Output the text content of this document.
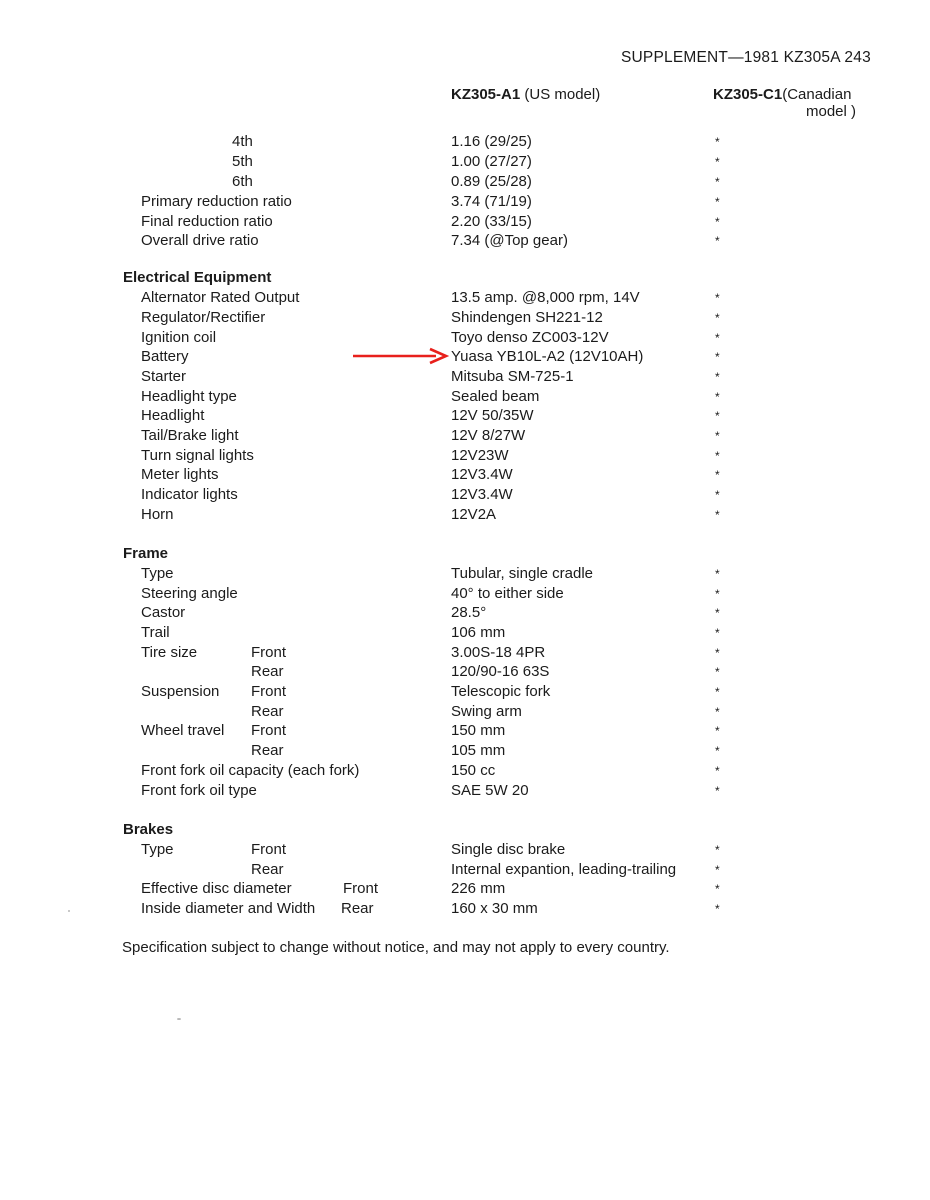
SUPPLEMENT—1981 KZ305A 243
KZ305-A1 (US model)	KZ305-C1(Canadian
model )
4th	1.16 (29/25)	*
5th	1.00 (27/27)	*
6th	0.89 (25/28)	*
Primary reduction ratio	3.74 (71/19)	*
Final reduction ratio	2.20 (33/15)	*
Overall drive ratio	7.34 (@Top gear)	*
Electrical Equipment
Alternator Rated Output	13.5 amp. @8,000 rpm, 14V	*
Regulator/Rectifier	Shindengen SH221-12	*
Ignition coil	Toyo denso ZC003-12V	*
Battery	Yuasa YB10L-A2 (12V10AH)	*
Starter	Mitsuba SM-725-1	*
Headlight type	Sealed beam	*
Headlight	12V 50/35W	*
Tail/Brake light	12V 8/27W	*
Turn signal lights	12V23W	*
Meter lights	12V3.4W	*
Indicator lights	12V3.4W	*
Horn	12V2A	*
Frame
Type	Tubular, single cradle	*
Steering angle	40° to either side	*
Castor	28.5°	*
Trail	106 mm	*
Tire size	Front	3.00S-18 4PR	*
Rear	120/90-16 63S	*
Suspension Front	Telescopic fork	*
Rear	Swing arm	*
Wheel travel Front	150 mm	*
Rear	105 mm	*
Front fork oil capacity (each fork)	150 cc	*
Front fork oil type	SAE 5W 20	*
Brakes
Type	Front	Single disc brake	*
Rear	Internal expantion, leading-trailing	*
Effective disc diameter	Front	226 mm	*
Inside diameter and Width Rear	160 x 30 mm	*
Specification subject to change without notice, and may not apply to every country.
